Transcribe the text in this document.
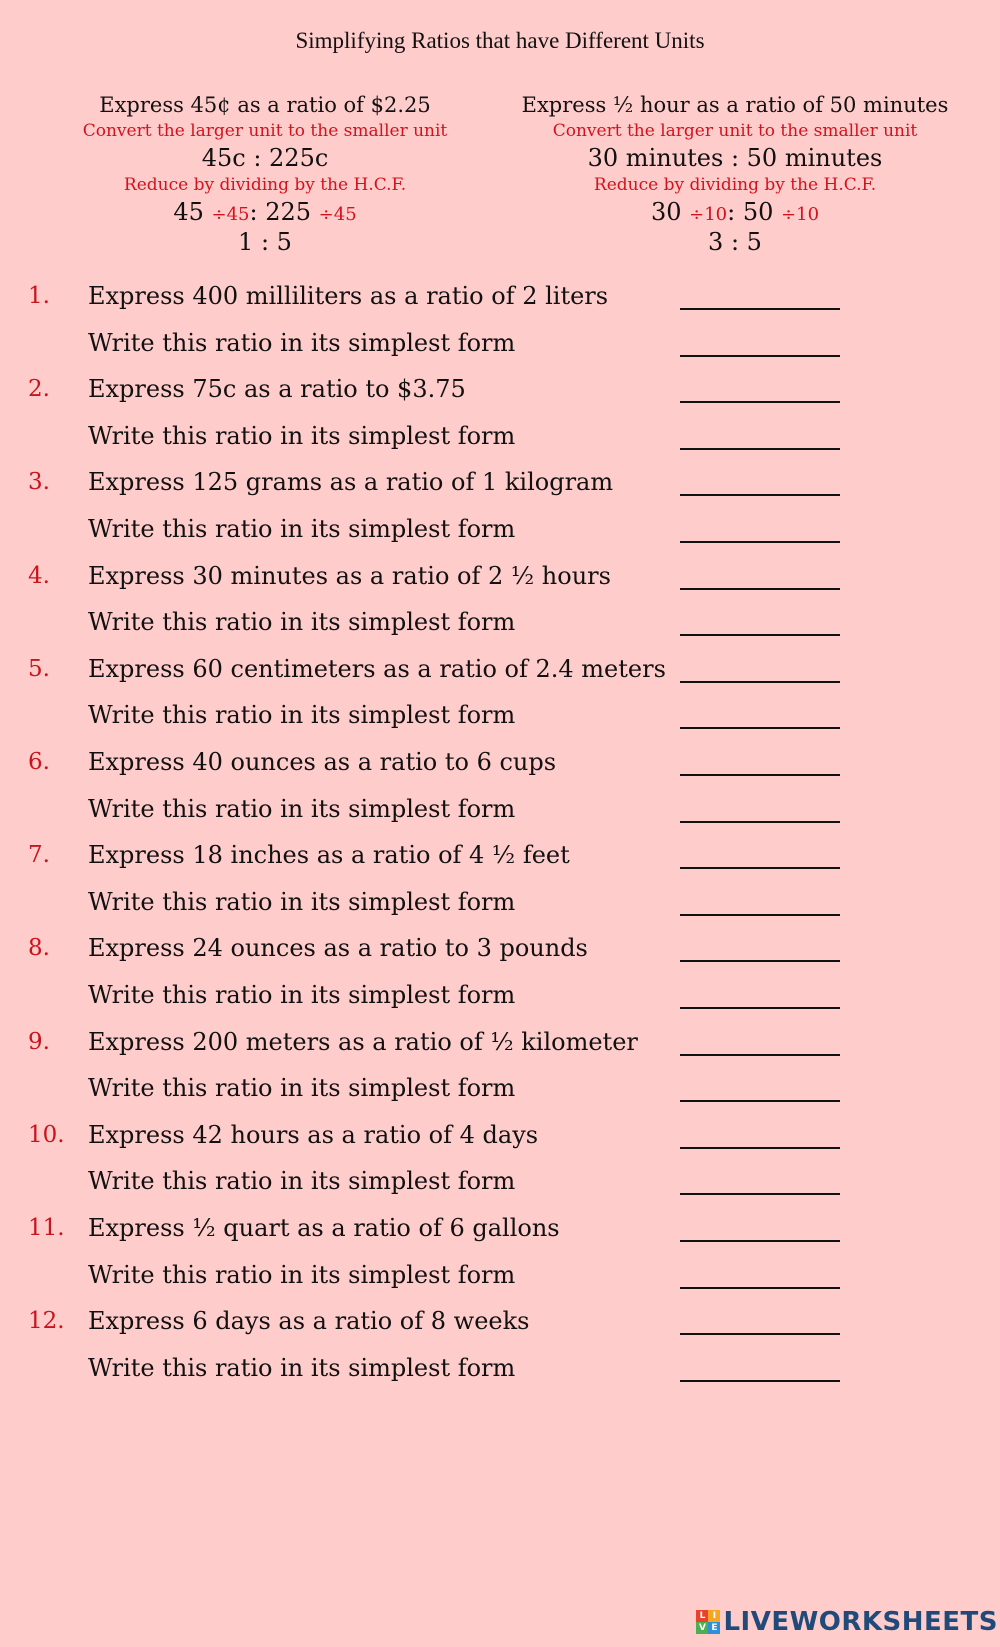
Simplifying Ratios that have Different Units
Express 45¢ as a ratio of $2.25
Convert the larger unit to the smaller unit
45c : 225c
Reduce by dividing by the H.C.F.
45 ÷45: 225 ÷45
1 : 5
Express ½ hour as a ratio of 50 minutes
Convert the larger unit to the smaller unit
30 minutes : 50 minutes
Reduce by dividing by the H.C.F.
30 ÷10: 50 ÷10
3 : 5
1. Express 400 milliliters as a ratio of 2 liters
Write this ratio in its simplest form
2. Express 75c as a ratio to $3.75
Write this ratio in its simplest form
3. Express 125 grams as a ratio of 1 kilogram
Write this ratio in its simplest form
4. Express 30 minutes as a ratio of 2 ½ hours
Write this ratio in its simplest form
5. Express 60 centimeters as a ratio of 2.4 meters
Write this ratio in its simplest form
6. Express 40 ounces as a ratio to 6 cups
Write this ratio in its simplest form
7. Express 18 inches as a ratio of 4 ½ feet
Write this ratio in its simplest form
8. Express 24 ounces as a ratio to 3 pounds
Write this ratio in its simplest form
9. Express 200 meters as a ratio of ½ kilometer
Write this ratio in its simplest form
10. Express 42 hours as a ratio of 4 days
Write this ratio in its simplest form
11. Express ½ quart as a ratio of 6 gallons
Write this ratio in its simplest form
12. Express 6 days as a ratio of 8 weeks
Write this ratio in its simplest form
L I
V E LIVEWORKSHEETS
